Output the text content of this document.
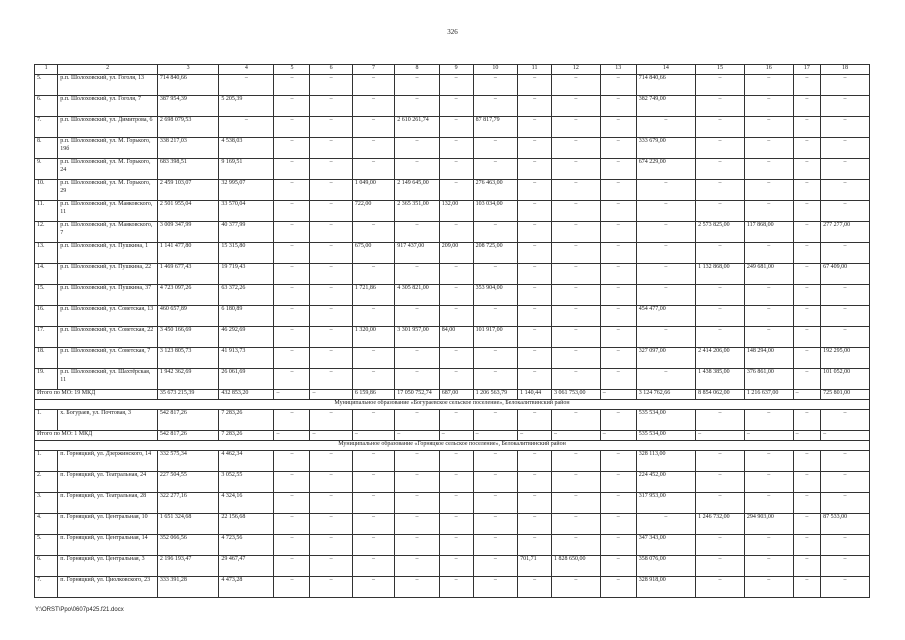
326
1	2	3	4	5	6	7	8	9	10	11	12	13	14	15	16	17	18
5.	р.п. Шолоховский, ул. Гоголя, 13	714 840,66	–	–	–	–	–	–	–	–	–	–	714 840,66	–	–	–	–
6.	р.п. Шолоховский, ул. Гоголя, 7	387 954,39	5 205,39	–	–	–	–	–	–	–	–	–	382 749,00	–	–	–	–
7.	р.п. Шолоховский, ул. Димитрова, 6	2 698 079,53	–	–	–	–	2 610 261,74	–	87 817,79	–	–	–	–	–	–	–	–
8.	р.п. Шолоховский, ул. М. Горького, 19б	338 217,03	4 538,03	–	–	–	–	–	–	–	–	–	333 679,00	–	–	–	–
9.	р.п. Шолоховский, ул. М. Горького, 24	683 398,51	9 169,51	–	–	–	–	–	–	–	–	–	674 229,00	–	–	–	–
10.	р.п. Шолоховский, ул. М. Горького, 29	2 459 103,07	32 995,07	–	–	1 049,00	2 149 645,00	–	276 463,00	–	–	–	–	–	–	–	–
11.	р.п. Шолоховский, ул. Маяковского, 11	2 501 955,04	33 570,04	–	–	722,00	2 365 351,00	132,00	103 034,00	–	–	–	–	–	–	–	–
12.	р.п. Шолоховский, ул. Маяковского, 7	3 009 347,99	40 377,99	–	–	–	–	–	–	–	–	–	–	2 573 825,00	117 868,00	–	277 277,00
13.	р.п. Шолоховский, ул. Пушкина, 1	1 141 477,80	15 315,80	–	–	675,00	917 437,00	209,00	208 725,00	–	–	–	–	–	–	–	–
14.	р.п. Шолоховский, ул. Пушкина, 22	1 469 677,43	19 719,43	–	–	–	–	–	–	–	–	–	–	1 132 868,00	249 681,00	–	67 409,00
15.	р.п. Шолоховский, ул. Пушкина, 37	4 723 097,26	63 372,26	–	–	1 721,86	4 305 821,00	–	353 904,00	–	–	–	–	–	–	–	–
16.	р.п. Шолоховский, ул. Советская, 13	460 657,89	6 180,89	–	–	–	–	–	–	–	–	–	454 477,00	–	–	–	–
17.	р.п. Шолоховский, ул. Советская, 22	3 450 166,69	46 292,69	–	–	1 320,00	3 301 957,00	84,00	101 917,00	–	–	–	–	–	–	–	–
18.	р.п. Шолоховский, ул. Советская, 7	3 123 805,73	41 913,73	–	–	–	–	–	–	–	–	–	327 097,00	2 414 206,00	148 294,00	–	192 295,00
19.	р.п. Шолоховский, ул. Шахтёрская, 11	1 942 362,69	26 061,69	–	–	–	–	–	–	–	–	–	–	1 438 385,00	376 861,00	–	101 052,00
Итого по МО: 19 МКД		35 673 215,39	432 853,20	–	–	6 159,86	17 050 752,74	687,00	1 206 563,79	1 140,44	3 061 753,00	–	3 124 762,66	8 854 062,00	1 216 637,00	–	725 801,00
Муниципальное образование «Богураевское сельское поселение», Белокалитвинский район																	
1.	х. Богураев, ул. Почтовая, 3	542 817,26	7 283,26	–	–	–	–	–	–	–	–	–	535 534,00	–	–	–	–
Итого по МО: 1 МКД		542 817,26	7 283,26	–	–	–	–	–	–	–	–	–	535 534,00	–	–	–	–
Муниципальное образование «Горняцкое сельское поселение», Белокалитвинский район																	
1.	п. Горняцкий, ул. Дзержинского, 14	332 575,34	4 462,34	–	–	–	–	–	–	–	–	–	328 113,00	–	–	–	–
2.	п. Горняцкий, ул. Театральная, 24	227 504,55	3 052,55	–	–	–	–	–	–	–	–	–	224 452,00	–	–	–	–
3.	п. Горняцкий, ул. Театральная, 28	322 277,16	4 324,16	–	–	–	–	–	–	–	–	–	317 953,00	–	–	–	–
4.	п. Горняцкий, ул. Центральная, 10	1 651 324,68	22 156,68	–	–	–	–	–	–	–	–	–	–	1 246 732,00	294 903,00	–	87 533,00
5.	п. Горняцкий, ул. Центральная, 14	352 066,56	4 723,56	–	–	–	–	–	–	–	–	–	347 343,00	–	–	–	–
6.	п. Горняцкий, ул. Центральная, 3	2 196 193,47	29 467,47	–	–	–	–	–	–	701,71	1 828 650,00	–	358 076,00	–	–	–	–
7.	п. Горняцкий, ул. Циолковского, 23	333 391,28	4 473,28	–	–	–	–	–	–	–	–	–	328 918,00	–	–	–	–
Y:\ORST\Ppo\0607p425.f21.docx
